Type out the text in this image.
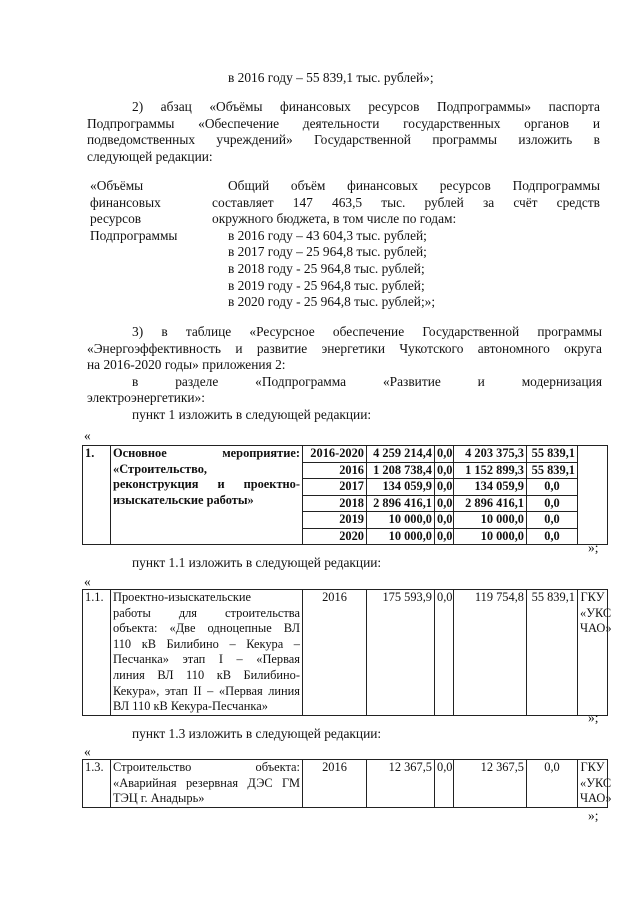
в 2016 году – 55 839,1 тыс. рублей»;
2) абзац «Объёмы финансовых ресурсов Подпрограммы» паспорта
Подпрограммы «Обеспечение деятельности государственных органов и
подведомственных учреждений» Государственной программы изложить в
следующей редакции:
«Объёмы
финансовых
ресурсов
Подпрограммы
Общий объём финансовых ресурсов Подпрограммы
составляет 147 463,5 тыс. рублей за счёт средств
окружного бюджета, в том числе по годам:
в 2016 году – 43 604,3 тыс. рублей;
в 2017 году – 25 964,8 тыс. рублей;
в 2018 году - 25 964,8 тыс. рублей;
в 2019 году - 25 964,8 тыс. рублей;
в 2020 году - 25 964,8 тыс. рублей;»;
3) в таблице «Ресурсное обеспечение Государственной программы
«Энергоэффективность и развитие энергетики Чукотского автономного округа
на 2016-2020 годы» приложения 2:
в разделе «Подпрограмма «Развитие и модернизация
электроэнергетики»:
пункт 1 изложить в следующей редакции:
«
1.	Основное мероприятие:
«Строительство,
реконструкция и проектно-
изыскательские работы»	2016-2020	4 259 214,4	0,0	4 203 375,3	55 839,1	
		2016	1 208 738,4	0,0	1 152 899,3	55 839,1	
		2017	134 059,9	0,0	134 059,9	0,0	
		2018	2 896 416,1	0,0	2 896 416,1	0,0	
		2019	10 000,0	0,0	10 000,0	0,0	
		2020	10 000,0	0,0	10 000,0	0,0	
»;
пункт 1.1 изложить в следующей редакции:
«
1.1.	Проектно-изыскательские
работы для строительства
объекта: «Две одноцепные ВЛ
110 кВ Билибино – Кекура –
Песчанка» этап I – «Первая
линия ВЛ 110 кВ Билибино-
Кекура», этап II – «Первая линия
ВЛ 110 кВ Кекура-Песчанка»
	2016	175 593,9	0,0	119 754,8	55 839,1	ГКУ
«УКС
ЧАО»
»;
пункт 1.3 изложить в следующей редакции:
«
1.3.	Строительство объекта:
«Аварийная резервная ДЭС ГМ
ТЭЦ г. Анадырь»
	2016	12 367,5	0,0	12 367,5	0,0	ГКУ
«УКС
ЧАО»
»;
